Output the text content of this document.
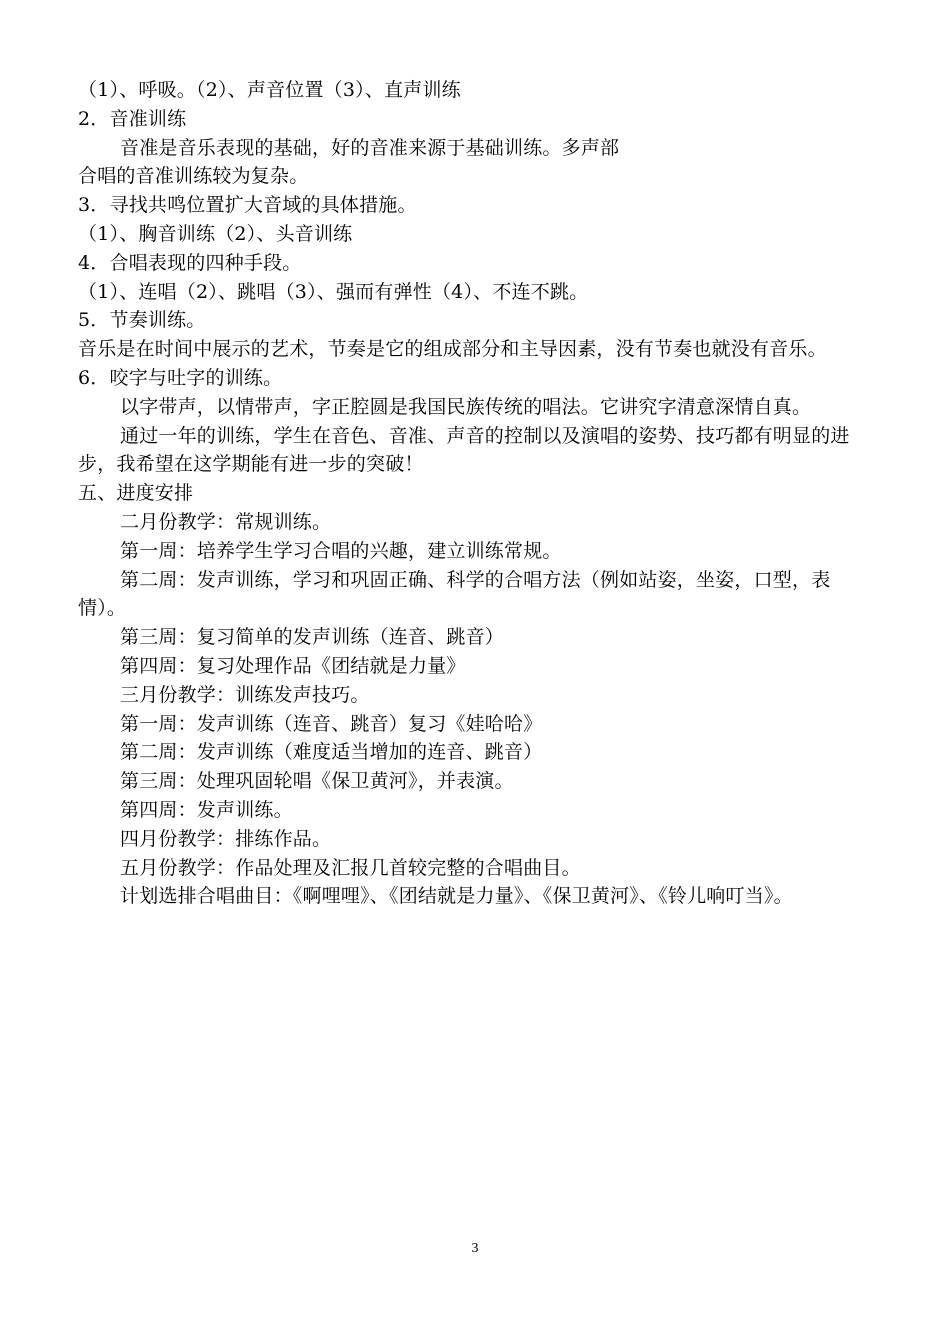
（1）、呼吸。（2）、声音位置（3）、直声训练
2．音准训练
音准是音乐表现的基础，好的音准来源于基础训练。多声部
合唱的音准训练较为复杂。
3．寻找共鸣位置扩大音域的具体措施。
（1）、胸音训练（2）、头音训练
4．合唱表现的四种手段。
（1）、连唱（2）、跳唱（3）、强而有弹性（4）、不连不跳。
5．节奏训练。
音乐是在时间中展示的艺术，节奏是它的组成部分和主导因素，没有节奏也就没有音乐。
6．咬字与吐字的训练。
以字带声，以情带声，字正腔圆是我国民族传统的唱法。它讲究字清意深情自真。
通过一年的训练，学生在音色、音准、声音的控制以及演唱的姿势、技巧都有明显的进步，我希望在这学期能有进一步的突破！
五、进度安排
二月份教学：常规训练。
第一周：培养学生学习合唱的兴趣，建立训练常规。
第二周：发声训练，学习和巩固正确、科学的合唱方法（例如站姿，坐姿，口型，表情）。
第三周：复习简单的发声训练（连音、跳音）
第四周：复习处理作品《团结就是力量》
三月份教学：训练发声技巧。
第一周：发声训练（连音、跳音）复习《娃哈哈》
第二周：发声训练（难度适当增加的连音、跳音）
第三周：处理巩固轮唱《保卫黄河》，并表演。
第四周：发声训练。
四月份教学：排练作品。
五月份教学：作品处理及汇报几首较完整的合唱曲目。
计划选排合唱曲目：《啊哩哩》、《团结就是力量》、《保卫黄河》、《铃儿响叮当》。
3
